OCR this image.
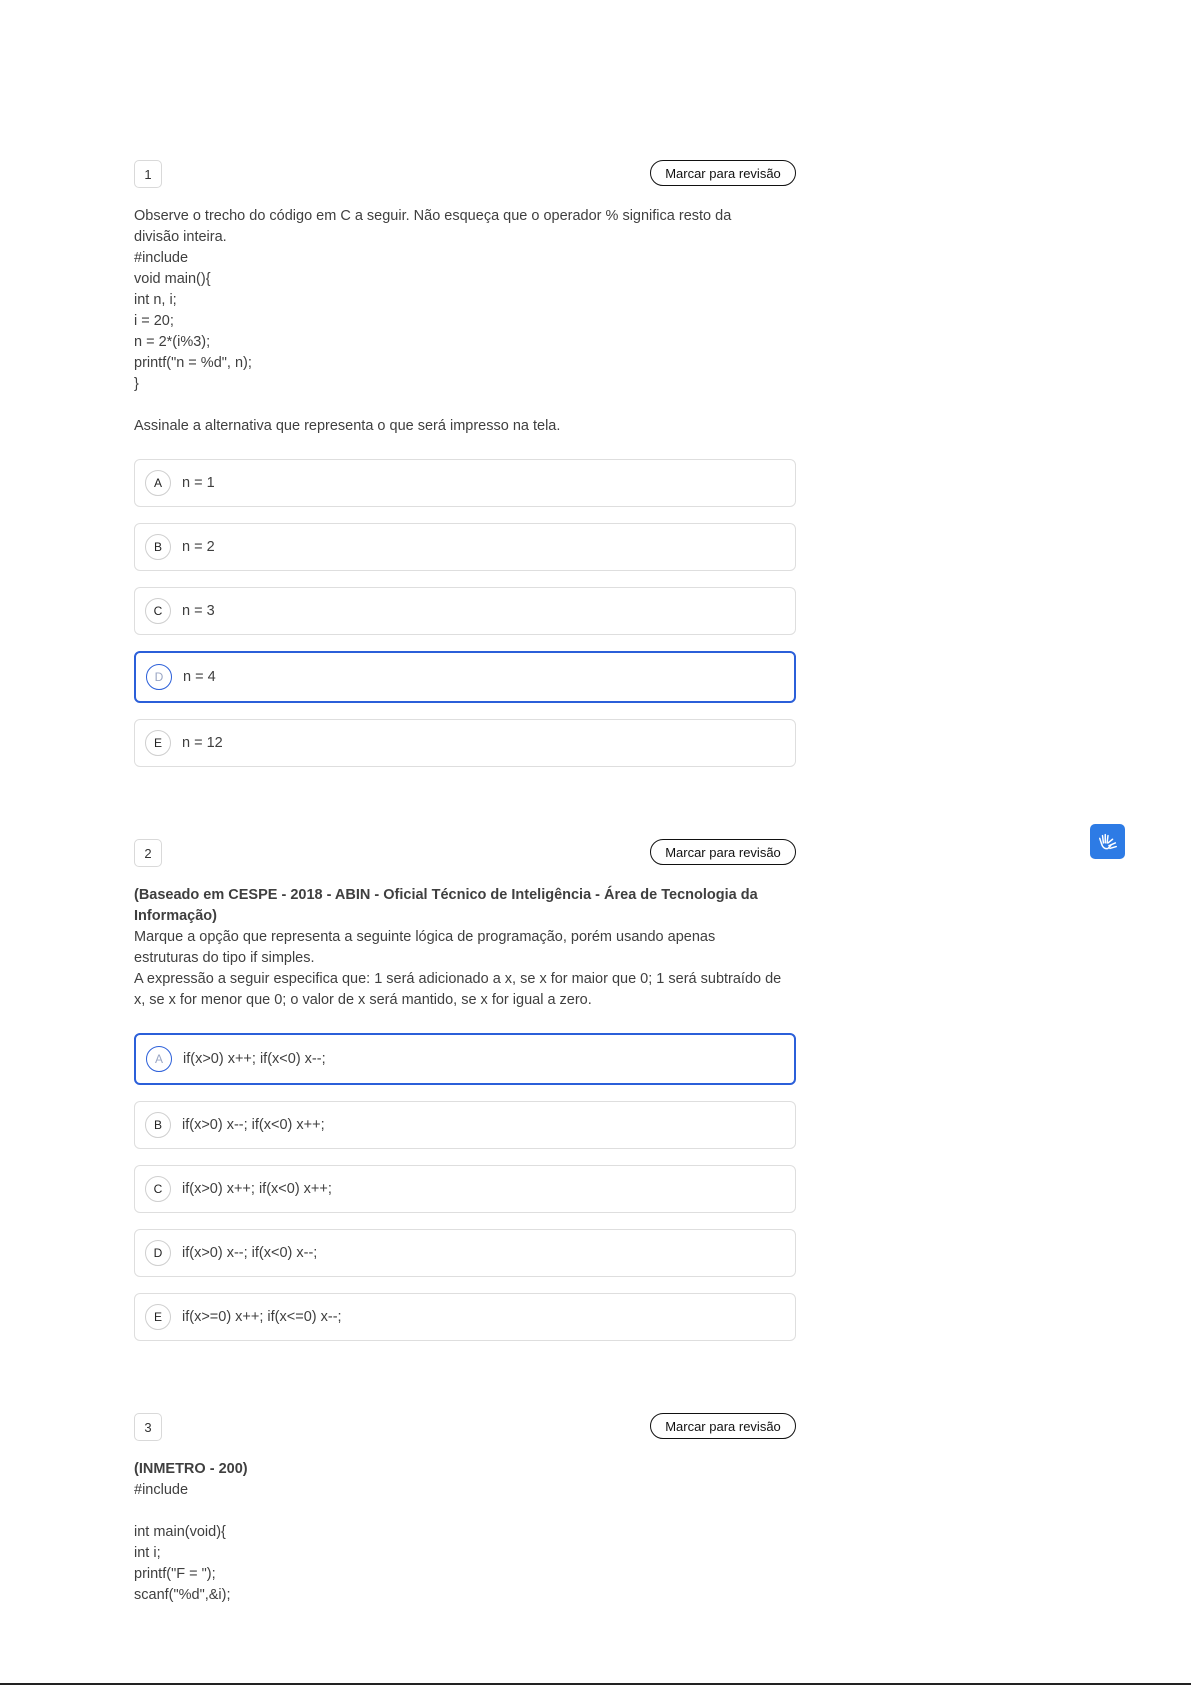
1	Marcar para revisão
Observe o trecho do código em C a seguir. Não esqueça que o operador % significa resto da
divisão inteira.
#include
void main(){
int n, i;
i = 20;
n = 2*(i%3);
printf("n = %d", n);
}
Assinale a alternativa que representa o que será impresso na tela.
A	n = 1
B	n = 2
C	n = 3
D	n = 4
E	n = 12
2	Marcar para revisão
(Baseado em CESPE - 2018 - ABIN - Oficial Técnico de Inteligência - Área de Tecnologia da
Informação)
Marque a opção que representa a seguinte lógica de programação, porém usando apenas
estruturas do tipo if simples.
A expressão a seguir especifica que: 1 será adicionado a x, se x for maior que 0; 1 será subtraído de
x, se x for menor que 0; o valor de x será mantido, se x for igual a zero.
A	if(x>0) x++; if(x<0) x--;
B	if(x>0) x--; if(x<0) x++;
C	if(x>0) x++; if(x<0) x++;
D	if(x>0) x--; if(x<0) x--;
E	if(x>=0) x++; if(x<=0) x--;
3	Marcar para revisão
(INMETRO - 200)
#include
int main(void){
int i;
printf("F = ");
scanf("%d",&i);
